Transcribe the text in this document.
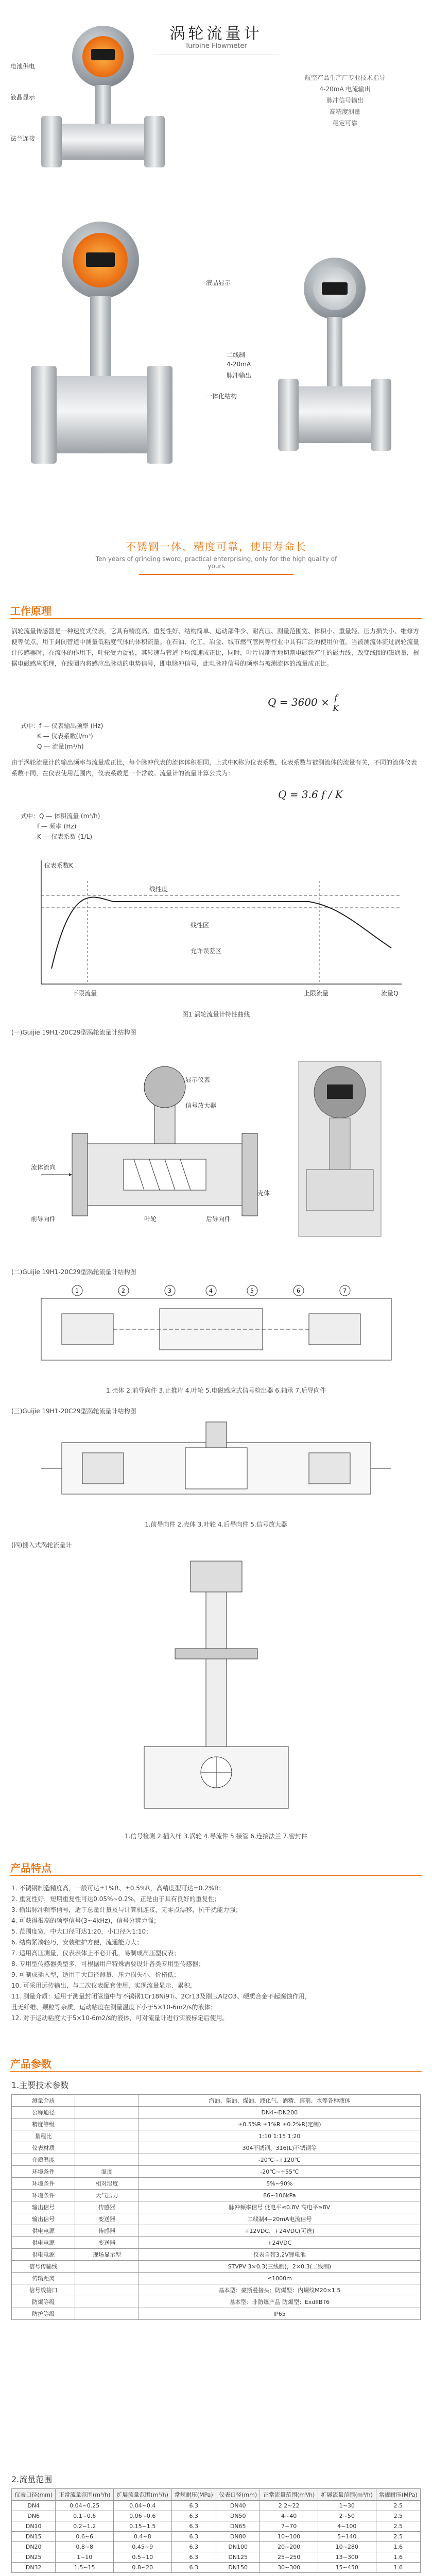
涡轮流量计
Turbine Flowmeter
航空产品生产厂专业技术指导
4-20mA 电流输出
脉冲信号输出
高精度测量
稳定可靠
电池供电
液晶显示
法兰连接
液晶显示
一体化结构
二线制
4-20mA
脉冲输出
不锈钢一体，精度可靠，使用寿命长
Ten years of grinding sword, practical enterprising, only for the high quality of yours
工作原理
涡轮流量传感器是一种速度式仪表，它具有精度高、重复性好、结构简单、运动部件少、耐高压、测量范围宽、体积小、重量轻、压力损失小、维修方便等优点，用于封闭管道中测量低粘度气体的体积流量。在石油、化工、冶金、城市燃气管网等行业中具有广泛的使用价值。当被测流体流过涡轮流量计传感器时，在流体的作用下，叶轮受力旋转，其转速与管道平均流速成正比，同时，叶片周期性地切割电磁铁产生的磁力线，改变线圈的磁通量，根据电磁感应原理，在线圈内将感应出脉动的电势信号，即电脉冲信号，此电脉冲信号的频率与被测流体的流量成正比。
$Q = 3600 \times \frac{f}{K}$
式中：f — 仪表输出频率 (Hz)
K — 仪表系数(l/m³)
Q — 流量(m³/h)
由于涡轮流量计的输出频率与流量成正比，每个脉冲代表的流体体积相同，上式中K称为仪表系数，仪表系数与被测流体的流量有关，不同的流体仪表系数不同，在仪表使用范围内，仪表系数是一个常数。流量计的流量计算公式为：
Q = 3.6 f / K
式中：Q — 体积流量 (m³/h)
f — 频率 (Hz)
K — 仪表系数 (1/L)
线性度
仪表系数K
流量Q
下限流量	上限流量
线性区
允许误差区
图1 涡轮流量计特性曲线
(一)Guijie 19H1-20C29型涡轮流量计结构图
流体流向
前导向件	叶轮	后导向件
壳体
信号放大器
显示仪表
(二)Guijie 19H1-20C29型涡轮流量计结构图
1	2	3	4	5	6	7
1.壳体 2.前导向件 3.止推片 4.叶轮 5.电磁感应式信号检出器 6.轴承 7.后导向件
(三)Guijie 19H1-20C29型涡轮流量计结构图
1.前导向件 2.壳体 3.叶轮 4.后导向件 5.信号放大器
(四)插入式涡轮流量计
1.信号检测 2.插入杆 3.涡轮 4.导流件 5.接管 6.连接法兰 7.密封件
产品特点
1. 不锈钢制造精度高，一般可达±1%R、±0.5%R，高精度型可达±0.2%R；
2. 重复性好，短期重复性可达0.05%~0.2%，正是由于具有良好的重复性；
3. 输出脉冲频率信号，适于总量计量及与计算机连接，无零点漂移，抗干扰能力强；
4. 可获得很高的频率信号(3~4kHz)，信号分辨力强；
5. 范围度宽，中大口径可达1:20，小口径为1:10；
6. 结构紧凑轻巧，安装维护方便，流通能力大；
7. 适用高压测量，仪表表体上不必开孔，易制成高压型仪表；
8. 专用型传感器类型多，可根据用户特殊需要设计各类专用型传感器；
9. 可制成插入型，适用于大口径测量，压力损失小，价格低；
10. 可采用远传输出，与二次仪表配套使用，实现流量显示、累积，
11. 测量介质：适用于测量封闭管道中与不锈钢1Cr18Ni9Ti、2Cr13及刚玉Al2O3、硬质合金不起腐蚀作用，
且无纤维、颗粒等杂质，运动粘度在测量温度下小于5×10-6m2/s的液体；
12. 对于运动粘度大于5×10-6m2/s的液体，可对流量计进行实液标定后使用。
产品参数
1.主要技术参数
测量介质		汽油、柴油、煤油、液化气、酒精、溶剂、水等各种液体
公称通径		DN4~DN200
精度等级		±0.5%R ±1%R ±0.2%R(定制)
量程比		1:10 1:15 1:20
仪表材质		304不锈钢、316(L)不锈钢等
介质温度		-20℃~+120℃
环境条件	温度	-20℃~+55℃
环境条件	相对湿度	5%~90%
环境条件	大气压力	86~106kPa
输出信号	传感器	脉冲频率信号 低电平≤0.8V 高电平≥8V
输出信号	变送器	二线制4~20mA电流信号
供电电源	传感器	+12VDC、+24VDC(可选)
供电电源	变送器	+24VDC
供电电源	现场显示型	仪表自带3.2V锂电池
信号传输线		STVPV 3×0.3(三线制)，2×0.3(二线制)
传输距离		≤1000m
信号线接口		基本型：豪斯曼接头；防爆型：内螺纹M20×1.5
防爆等级		基本型：非防爆产品 防爆型：ExdIIBT6
防护等级		IP65
2.流量范围
仪表口径(mm)	正常流量范围(m³/h)	扩展流量范围(m³/h)	常规耐压(MPa)	仪表口径(mm)	正常流量范围(m³/h)	扩展流量范围(m³/h)	常规耐压(MPa)
DN4	0.04~0.25	0.04~0.4	6.3	DN40	2.2~22	1~30	2.5
DN6	0.1~0.6	0.06~0.6	6.3	DN50	4~40	2~50	2.5
DN10	0.2~1.2	0.15~1.5	6.3	DN65	7~70	4~100	2.5
DN15	0.6~6	0.4~8	6.3	DN80	10~100	5~140	2.5
DN20	0.8~8	0.45~9	6.3	DN100	20~200	10~280	1.6
DN25	1~10	0.5~10	6.3	DN125	25~250	13~300	1.6
DN32	1.5~15	0.8~20	6.3	DN150	30~300	15~450	1.6
